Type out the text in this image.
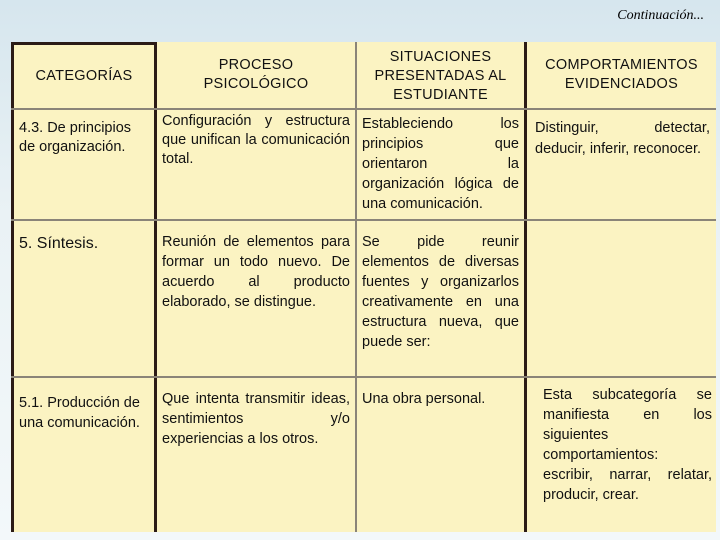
Continuación...
CATEGORÍAS
PROCESO PSICOLÓGICO
SITUACIONES PRESENTADAS AL ESTUDIANTE
COMPORTAMIENTOS EVIDENCIADOS
4.3. De principios de organización.
Configuración y estructura que unifican la comunicación total.
Estableciendo los principios que orientaron la organización lógica de una comunicación.
Distinguir, detectar, deducir, inferir, reconocer.
5. Síntesis.	Reunión de elementos para formar un todo nuevo. De acuerdo al producto elaborado, se distingue.
Se pide reunir elementos de diversas fuentes y organizarlos creativamente en una estructura nueva, que puede ser:
5.1. Producción de una comunicación.
Que intenta transmitir ideas, sentimientos y/o experiencias a los otros.
Una obra personal.	Esta subcategoría se manifiesta en los siguientes comportamientos: escribir, narrar, relatar, producir, crear.
